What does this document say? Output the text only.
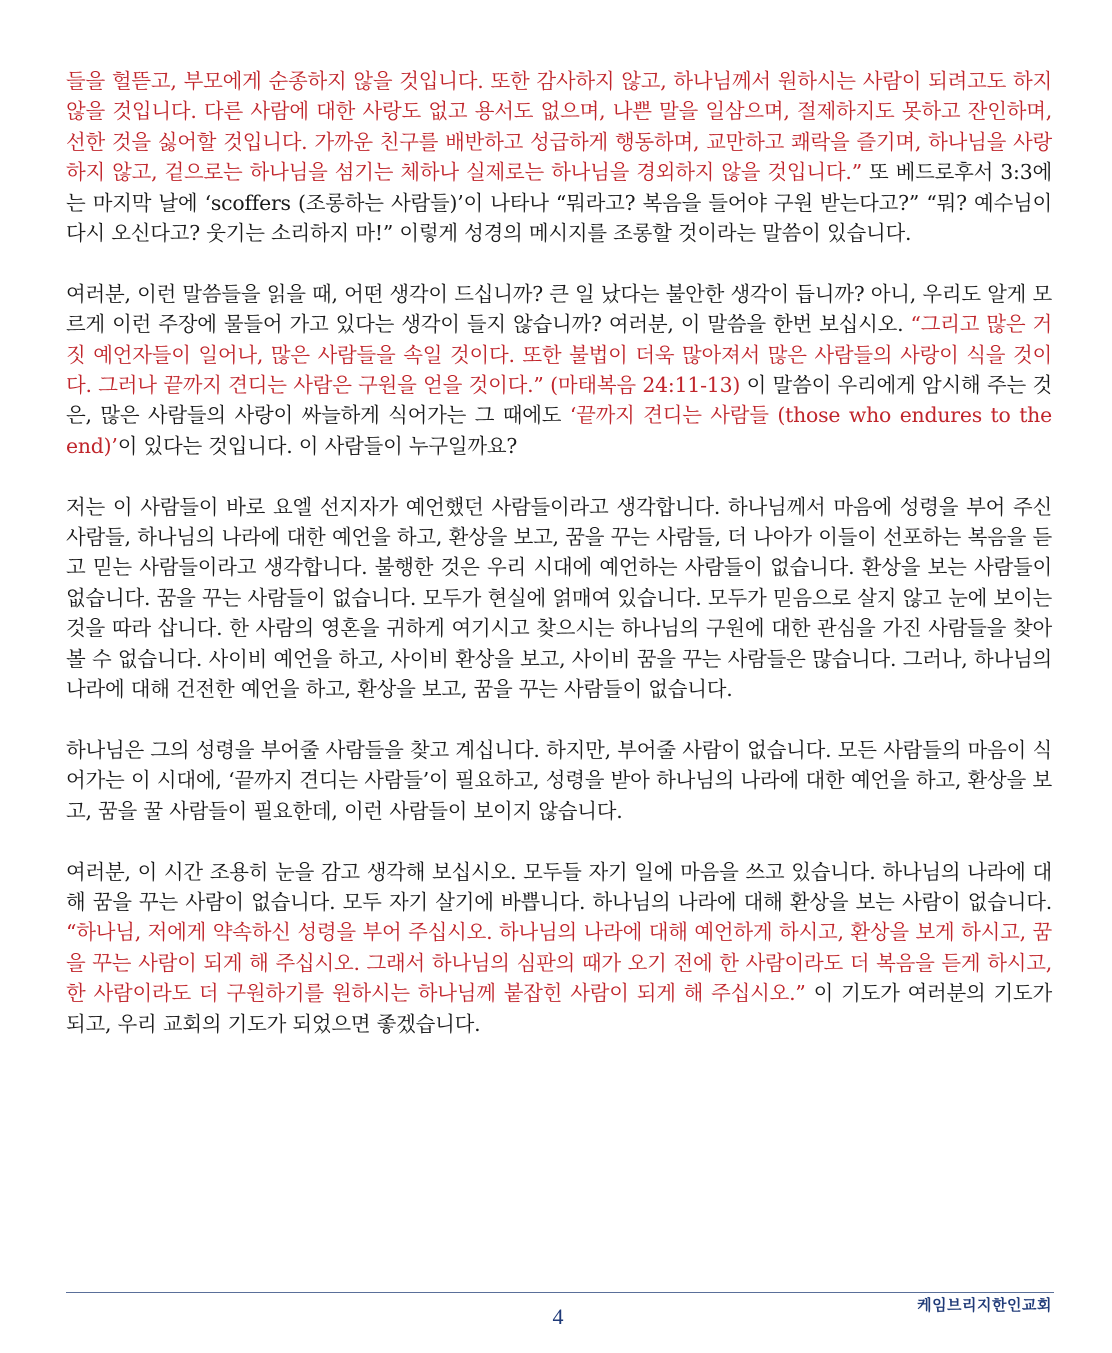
들을 헐뜯고, 부모에게 순종하지 않을 것입니다. 또한 감사하지 않고, 하나님께서 원하시는 사람이 되려고도 하지 않을 것입니다. 다른 사람에 대한 사랑도 없고 용서도 없으며, 나쁜 말을 일삼으며, 절제하지도 못하고 잔인하며, 선한 것을 싫어할 것입니다. 가까운 친구를 배반하고 성급하게 행동하며, 교만하고 쾌락을 즐기며, 하나님을 사랑하지 않고, 겉으로는 하나님을 섬기는 체하나 실제로는 하나님을 경외하지 않을 것입니다.” 또 베드로후서 3:3에는 마지막 날에 ‘scoffers (조롱하는 사람들)’이 나타나 “뭐라고? 복음을 들어야 구원 받는다고?” “뭐? 예수님이 다시 오신다고? 웃기는 소리하지 마!” 이렇게 성경의 메시지를 조롱할 것이라는 말씀이 있습니다.

여러분, 이런 말씀들을 읽을 때, 어떤 생각이 드십니까? 큰 일 났다는 불안한 생각이 듭니까? 아니, 우리도 알게 모르게 이런 주장에 물들어 가고 있다는 생각이 들지 않습니까? 여러분, 이 말씀을 한번 보십시오. “그리고 많은 거짓 예언자들이 일어나, 많은 사람들을 속일 것이다. 또한 불법이 더욱 많아져서 많은 사람들의 사랑이 식을 것이다. 그러나 끝까지 견디는 사람은 구원을 얻을 것이다.” (마태복음 24:11-13) 이 말씀이 우리에게 암시해 주는 것은, 많은 사람들의 사랑이 싸늘하게 식어가는 그 때에도 ‘끝까지 견디는 사람들 (those who endures to the end)’이 있다는 것입니다. 이 사람들이 누구일까요?

저는 이 사람들이 바로 요엘 선지자가 예언했던 사람들이라고 생각합니다. 하나님께서 마음에 성령을 부어 주신 사람들, 하나님의 나라에 대한 예언을 하고, 환상을 보고, 꿈을 꾸는 사람들, 더 나아가 이들이 선포하는 복음을 듣고 믿는 사람들이라고 생각합니다. 불행한 것은 우리 시대에 예언하는 사람들이 없습니다. 환상을 보는 사람들이 없습니다. 꿈을 꾸는 사람들이 없습니다. 모두가 현실에 얽매여 있습니다. 모두가 믿음으로 살지 않고 눈에 보이는 것을 따라 삽니다. 한 사람의 영혼을 귀하게 여기시고 찾으시는 하나님의 구원에 대한 관심을 가진 사람들을 찾아 볼 수 없습니다. 사이비 예언을 하고, 사이비 환상을 보고, 사이비 꿈을 꾸는 사람들은 많습니다. 그러나, 하나님의 나라에 대해 건전한 예언을 하고, 환상을 보고, 꿈을 꾸는 사람들이 없습니다.

하나님은 그의 성령을 부어줄 사람들을 찾고 계십니다. 하지만, 부어줄 사람이 없습니다. 모든 사람들의 마음이 식어가는 이 시대에, ‘끝까지 견디는 사람들’이 필요하고, 성령을 받아 하나님의 나라에 대한 예언을 하고, 환상을 보고, 꿈을 꿀 사람들이 필요한데, 이런 사람들이 보이지 않습니다.

여러분, 이 시간 조용히 눈을 감고 생각해 보십시오. 모두들 자기 일에 마음을 쓰고 있습니다. 하나님의 나라에 대해 꿈을 꾸는 사람이 없습니다. 모두 자기 살기에 바쁩니다. 하나님의 나라에 대해 환상을 보는 사람이 없습니다. “하나님, 저에게 약속하신 성령을 부어 주십시오. 하나님의 나라에 대해 예언하게 하시고, 환상을 보게 하시고, 꿈을 꾸는 사람이 되게 해 주십시오. 그래서 하나님의 심판의 때가 오기 전에 한 사람이라도 더 복음을 듣게 하시고, 한 사람이라도 더 구원하기를 원하시는 하나님께 붙잡힌 사람이 되게 해 주십시오.” 이 기도가 여러분의 기도가 되고, 우리 교회의 기도가 되었으면 좋겠습니다.

4	케임브리지한인교회
